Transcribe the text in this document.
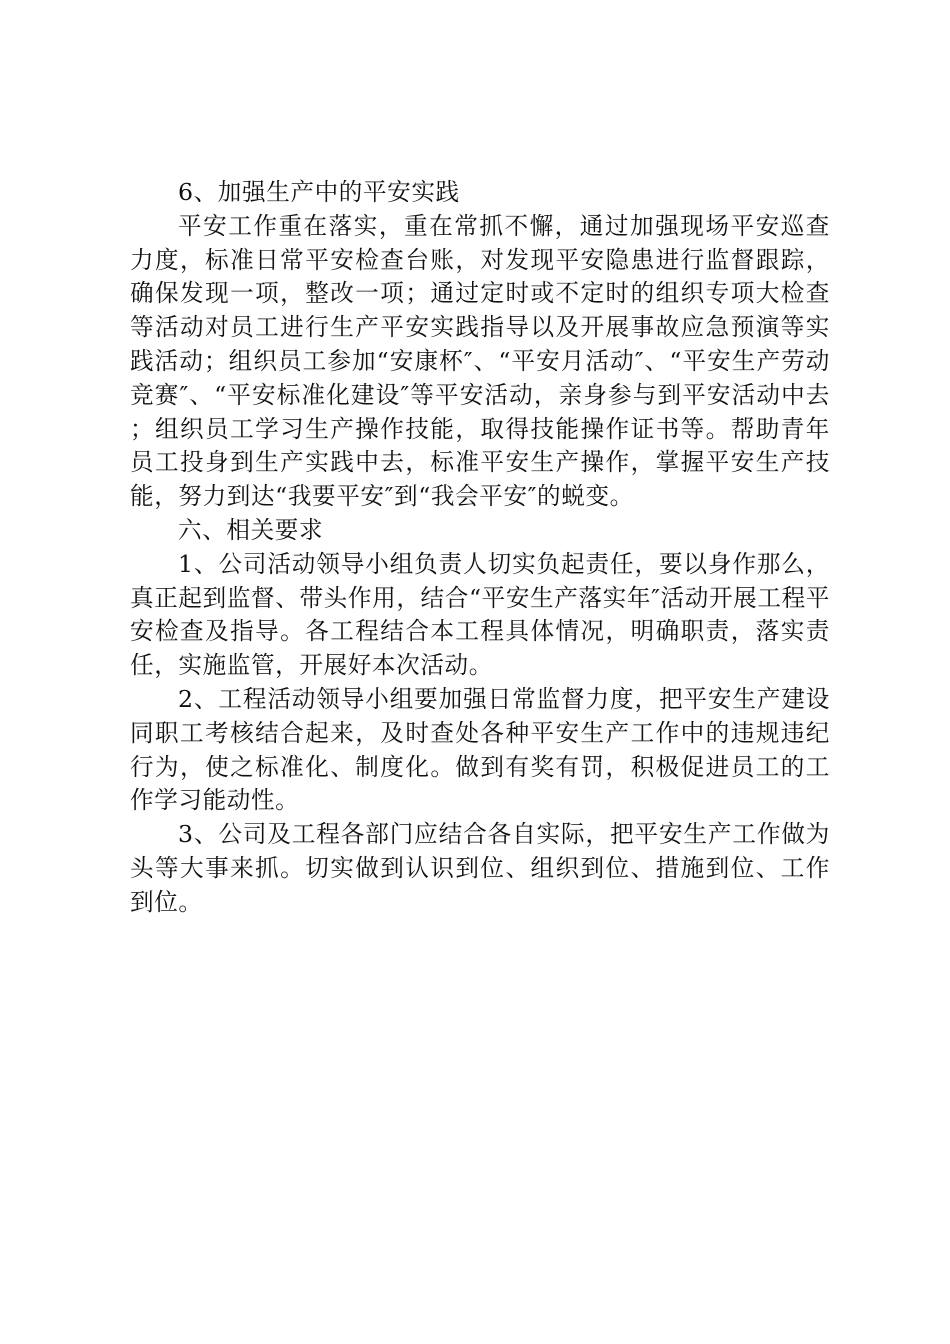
6、加强生产中的平安实践

平安工作重在落实，重在常抓不懈，通过加强现场平安巡查力度，标准日常平安检查台账，对发现平安隐患进行监督跟踪，确保发现一项，整改一项；通过定时或不定时的组织专项大检查等活动对员工进行生产平安实践指导以及开展事故应急预演等实践活动；组织员工参加“安康杯″、“平安月活动″、“平安生产劳动竞赛″、“平安标准化建设″等平安活动，亲身参与到平安活动中去；组织员工学习生产操作技能，取得技能操作证书等。帮助青年员工投身到生产实践中去，标准平安生产操作，掌握平安生产技能，努力到达“我要平安″到“我会平安″的蜕变。

六、相关要求

1、公司活动领导小组负责人切实负起责任，要以身作那么，真正起到监督、带头作用，结合“平安生产落实年″活动开展工程平安检查及指导。各工程结合本工程具体情况，明确职责，落实责任，实施监管，开展好本次活动。

2、工程活动领导小组要加强日常监督力度，把平安生产建设同职工考核结合起来，及时查处各种平安生产工作中的违规违纪行为，使之标准化、制度化。做到有奖有罚，积极促进员工的工作学习能动性。

3、公司及工程各部门应结合各自实际，把平安生产工作做为头等大事来抓。切实做到认识到位、组织到位、措施到位、工作到位。
